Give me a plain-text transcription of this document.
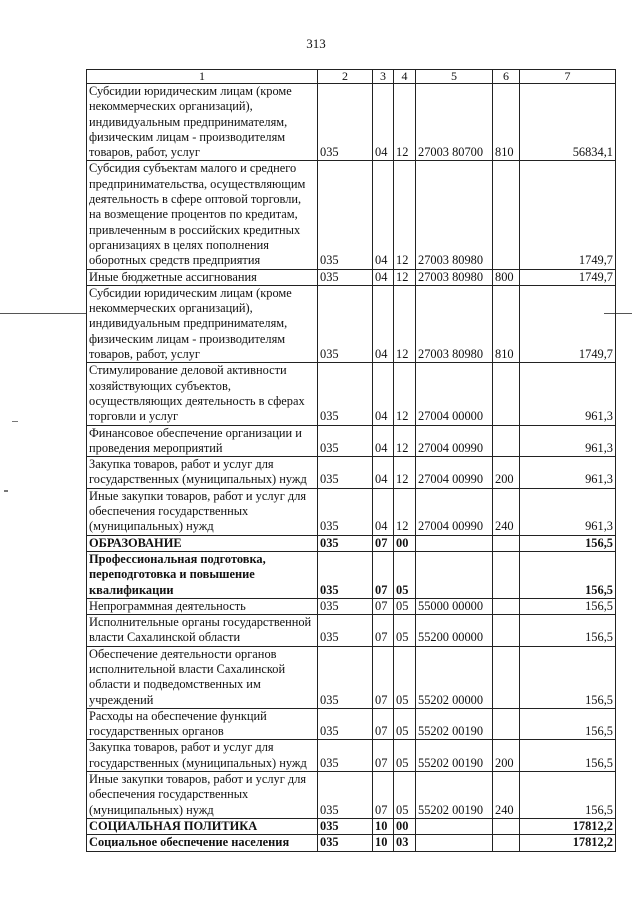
313
1	2	3	4	5	6	7
Субсидии юридическим лицам (кроме некоммерческих организаций), индивидуальным предпринимателям, физическим лицам - производителям товаров, работ, услуг	035	04	12	27003 80700	810	56834,1
Субсидия субъектам малого и среднего предпринимательства, осуществляющим деятельность в сфере оптовой торговли, на возмещение процентов по кредитам, привлеченным в российских кредитных организациях в целях пополнения оборотных средств предприятия	035	04	12	27003 80980		1749,7
Иные бюджетные ассигнования	035	04	12	27003 80980	800	1749,7
Субсидии юридическим лицам (кроме некоммерческих организаций), индивидуальным предпринимателям, физическим лицам - производителям товаров, работ, услуг	035	04	12	27003 80980	810	1749,7
Стимулирование деловой активности хозяйствующих субъектов, осуществляющих деятельность в сферах торговли и услуг	035	04	12	27004 00000		961,3
Финансовое обеспечение организации и проведения мероприятий	035	04	12	27004 00990		961,3
Закупка товаров, работ и услуг для государственных (муниципальных) нужд	035	04	12	27004 00990	200	961,3
Иные закупки товаров, работ и услуг для обеспечения государственных (муниципальных) нужд	035	04	12	27004 00990	240	961,3
ОБРАЗОВАНИЕ	035	07	00			156,5
Профессиональная подготовка, переподготовка и повышение квалификации	035	07	05			156,5
Непрограммная деятельность	035	07	05	55000 00000		156,5
Исполнительные органы государственной власти Сахалинской области	035	07	05	55200 00000		156,5
Обеспечение деятельности органов исполнительной власти Сахалинской области и подведомственных им учреждений	035	07	05	55202 00000		156,5
Расходы на обеспечение функций государственных органов	035	07	05	55202 00190		156,5
Закупка товаров, работ и услуг для государственных (муниципальных) нужд	035	07	05	55202 00190	200	156,5
Иные закупки товаров, работ и услуг для обеспечения государственных (муниципальных) нужд	035	07	05	55202 00190	240	156,5
СОЦИАЛЬНАЯ ПОЛИТИКА	035	10	00			17812,2
Социальное обеспечение населения	035	10	03			17812,2
